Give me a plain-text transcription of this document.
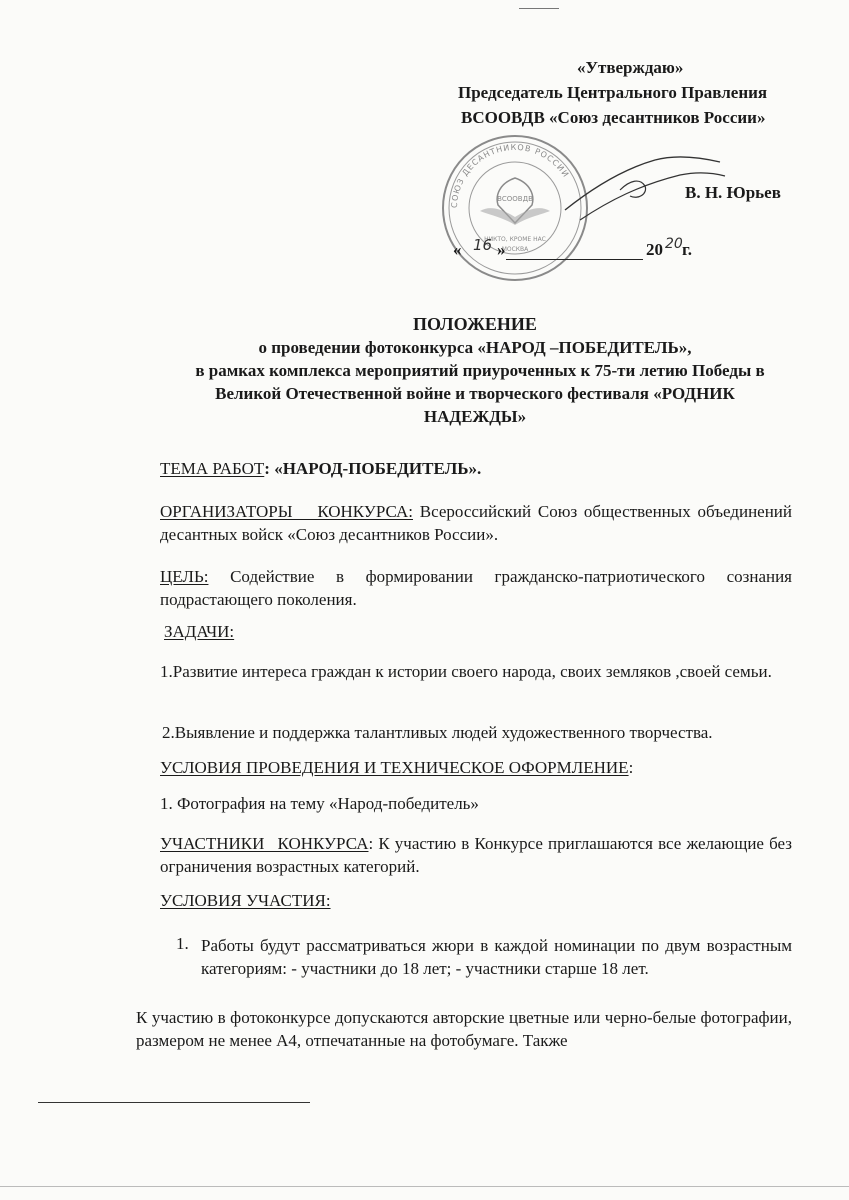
«Утверждаю»
Председатель Центрального Правления
ВСООВДВ «Союз десантников России»
СОЮЗ ДЕСАНТНИКОВ РОССИИ
ВСООВДВ
НИКТО, КРОМЕ НАС
МОСКВА
В. Н. Юрьев
« 16 »	20 20 г.
ПОЛОЖЕНИЕ
о проведении фотоконкурса «НАРОД –ПОБЕДИТЕЛЬ»,
в рамках комплекса мероприятий приуроченных к 75-ти летию Победы в
Великой Отечественной войне и творческого фестиваля «РОДНИК
НАДЕЖДЫ»
ТЕМА РАБОТ: «НАРОД-ПОБЕДИТЕЛЬ».
ОРГАНИЗАТОРЫ КОНКУРСА: Всероссийский Союз общественных объединений десантных войск «Союз десантников России».
ЦЕЛЬ: Содействие в формировании гражданско-патриотического сознания подрастающего поколения.
ЗАДАЧИ:
1.Развитие интереса граждан к истории своего народа, своих земляков ,своей семьи.
2.Выявление и поддержка талантливых людей художественного творчества.
УСЛОВИЯ ПРОВЕДЕНИЯ И ТЕХНИЧЕСКОЕ ОФОРМЛЕНИЕ:
1. Фотография на тему «Народ-победитель»
УЧАСТНИКИ КОНКУРСА: К участию в Конкурсе приглашаются все желающие без ограничения возрастных категорий.
УСЛОВИЯ УЧАСТИЯ:
1. Работы будут рассматриваться жюри в каждой номинации по двум возрастным категориям: - участники до 18 лет; - участники старше 18 лет.
К участию в фотоконкурсе допускаются авторские цветные или черно-белые фотографии, размером не менее А4, отпечатанные на фотобумаге. Также
